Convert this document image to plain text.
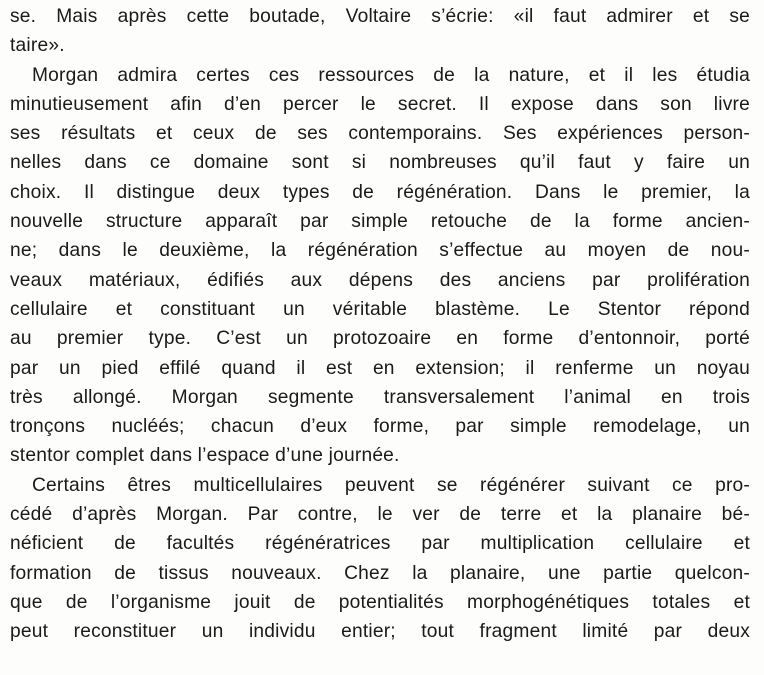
se. Mais après cette boutade, Voltaire s’écrie: «il faut admirer et se
taire».
Morgan admira certes ces ressources de la nature, et il les étudia
minutieusement afin d’en percer le secret. Il expose dans son livre
ses résultats et ceux de ses contemporains. Ses expériences person-
nelles dans ce domaine sont si nombreuses qu’il faut y faire un
choix. Il distingue deux types de régénération. Dans le premier, la
nouvelle structure apparaît par simple retouche de la forme ancien-
ne; dans le deuxième, la régénération s’effectue au moyen de nou-
veaux matériaux, édifiés aux dépens des anciens par prolifération
cellulaire et constituant un véritable blastème. Le Stentor répond
au premier type. C’est un protozoaire en forme d’entonnoir, porté
par un pied effilé quand il est en extension; il renferme un noyau
très allongé. Morgan segmente transversalement l’animal en trois
tronçons nucléés; chacun d’eux forme, par simple remodelage, un
stentor complet dans l’espace d’une journée.
Certains êtres multicellulaires peuvent se régénérer suivant ce pro-
cédé d’après Morgan. Par contre, le ver de terre et la planaire bé-
néficient de facultés régénératrices par multiplication cellulaire et
formation de tissus nouveaux. Chez la planaire, une partie quelcon-
que de l’organisme jouit de potentialités morphogénétiques totales et
peut reconstituer un individu entier; tout fragment limité par deux
